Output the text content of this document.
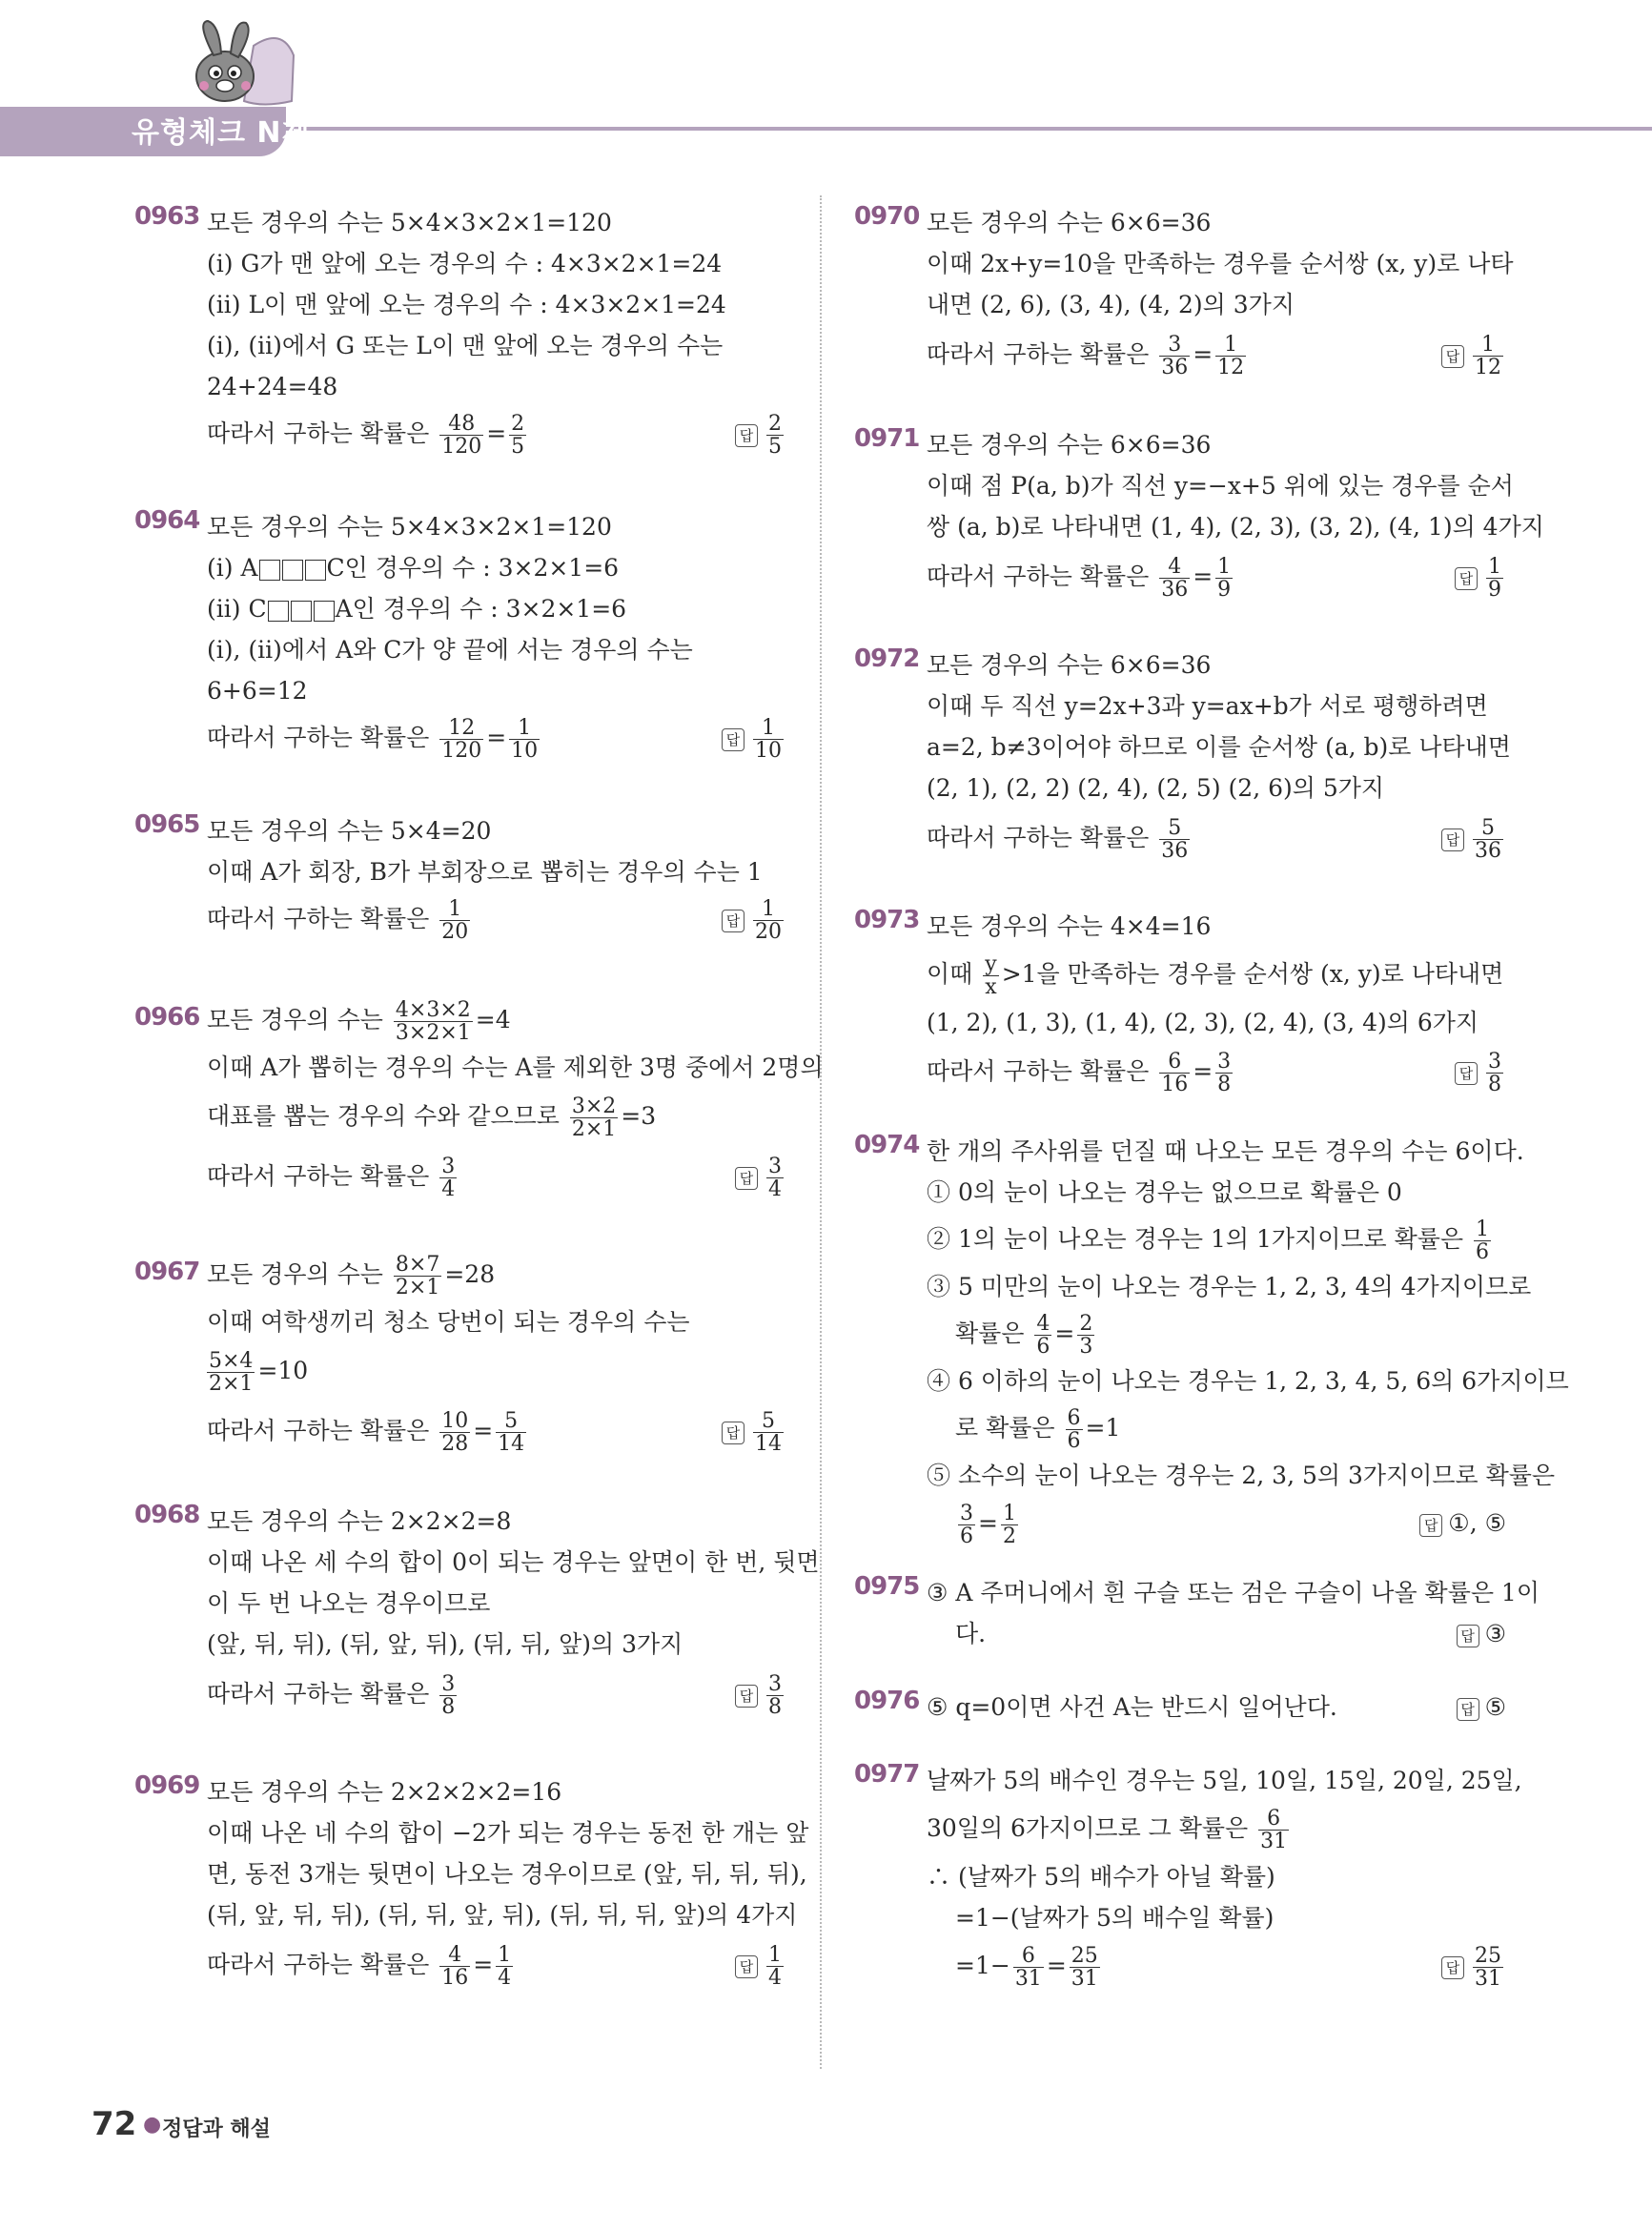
유형체크 N제
0963 모든 경우의 수는 5×4×3×2×1=120
(ⅰ) G가 맨 앞에 오는 경우의 수 : 4×3×2×1=24
(ⅱ) L이 맨 앞에 오는 경우의 수 : 4×3×2×1=24
(ⅰ), (ⅱ)에서 G 또는 L이 맨 앞에 오는 경우의 수는
24+24=48
따라서 구하는 확률은 $\frac{48}{120} = \frac{2}{5}$	답 $\frac{2}{5}$
0964 모든 경우의 수는 5×4×3×2×1=120
(ⅰ) A	C인 경우의 수 : 3×2×1=6
(ⅱ) C	A인 경우의 수 : 3×2×1=6
(ⅰ), (ⅱ)에서 A와 C가 양 끝에 서는 경우의 수는
6+6=12
따라서 구하는 확률은 $\frac{12}{120} = \frac{1}{10}$	답 $\frac{1}{10}$
0965 모든 경우의 수는 5×4=20
이때 A가 회장, B가 부회장으로 뽑히는 경우의 수는 1
따라서 구하는 확률은 $\frac{1}{20}$	답 $\frac{1}{20}$
0966 모든 경우의 수는 $\frac{4\times 3\times 2}{3\times 2\times 1} =4$
이때 A가 뽑히는 경우의 수는 A를 제외한 3명 중에서 2명의
대표를 뽑는 경우의 수와 같으므로 $\frac{3\times 2}{2\times 1} =3$
따라서 구하는 확률은 $\frac{3}{4}$	답 $\frac{3}{4}$
0967 모든 경우의 수는 $\frac{8\times 7}{2\times 1} =28$
이때 여학생끼리 청소 당번이 되는 경우의 수는
$\frac{5\times 4}{2\times 1} =10$
따라서 구하는 확률은 $\frac{10}{28} = \frac{5}{14}$	답 $\frac{5}{14}$
0968 모든 경우의 수는 2×2×2=8
이때 나온 세 수의 합이 0이 되는 경우는 앞면이 한 번, 뒷면
이 두 번 나오는 경우이므로
(앞, 뒤, 뒤), (뒤, 앞, 뒤), (뒤, 뒤, 앞)의 3가지
따라서 구하는 확률은 $\frac{3}{8}$	답 $\frac{3}{8}$
0969 모든 경우의 수는 2×2×2×2=16
이때 나온 네 수의 합이 −2가 되는 경우는 동전 한 개는 앞
면, 동전 3개는 뒷면이 나오는 경우이므로 (앞, 뒤, 뒤, 뒤),
(뒤, 앞, 뒤, 뒤), (뒤, 뒤, 앞, 뒤), (뒤, 뒤, 뒤, 앞)의 4가지
따라서 구하는 확률은 $\frac{4}{16} = \frac{1}{4}$	답 $\frac{1}{4}$
0970 모든 경우의 수는 6×6=36
이때 2x+y=10을 만족하는 경우를 순서쌍 (x, y)로 나타
내면 (2, 6), (3, 4), (4, 2)의 3가지
따라서 구하는 확률은 $\frac{3}{36} = \frac{1}{12}$	답 $\frac{1}{12}$
0971 모든 경우의 수는 6×6=36
이때 점 P(a, b)가 직선 y=−x+5 위에 있는 경우를 순서
쌍 (a, b)로 나타내면 (1, 4), (2, 3), (3, 2), (4, 1)의 4가지
따라서 구하는 확률은 $\frac{4}{36} = \frac{1}{9}$	답 $\frac{1}{9}$
0972 모든 경우의 수는 6×6=36
이때 두 직선 y=2x+3과 y=ax+b가 서로 평행하려면
a=2, b≠3이어야 하므로 이를 순서쌍 (a, b)로 나타내면
(2, 1), (2, 2) (2, 4), (2, 5) (2, 6)의 5가지
따라서 구하는 확률은 $\frac{5}{36}$	답 $\frac{5}{36}$
0973 모든 경우의 수는 4×4=16
이때 $\frac{y}{x} >1$을 만족하는 경우를 순서쌍 (x, y)로 나타내면
(1, 2), (1, 3), (1, 4), (2, 3), (2, 4), (3, 4)의 6가지
따라서 구하는 확률은 $\frac{6}{16} = \frac{3}{8}$	답 $\frac{3}{8}$
0974 한 개의 주사위를 던질 때 나오는 모든 경우의 수는 6이다.
① 0의 눈이 나오는 경우는 없으므로 확률은 0
② 1의 눈이 나오는 경우는 1의 1가지이므로 확률은 $\frac{1}{6}$
③ 5 미만의 눈이 나오는 경우는 1, 2, 3, 4의 4가지이므로
확률은 $\frac{4}{6} = \frac{2}{3}$
④ 6 이하의 눈이 나오는 경우는 1, 2, 3, 4, 5, 6의 6가지이므
로 확률은 $\frac{6}{6} =1$
⑤ 소수의 눈이 나오는 경우는 2, 3, 5의 3가지이므로 확률은
$\frac{3}{6} = \frac{1}{2}$	답 ①, ⑤
0975 ③ A 주머니에서 흰 구슬 또는 검은 구슬이 나올 확률은 1이
다.	답 ③
0976 ⑤ q=0이면 사건 A는 반드시 일어난다.	답 ⑤
0977 날짜가 5의 배수인 경우는 5일, 10일, 15일, 20일, 25일,
30일의 6가지이므로 그 확률은 $\frac{6}{31}$
∴ (날짜가 5의 배수가 아닐 확률)
=1−(날짜가 5의 배수일 확률)
$=1- \frac{6}{31} = \frac{25}{31}$	답 $\frac{25}{31}$
72 ● 정답과 해설
